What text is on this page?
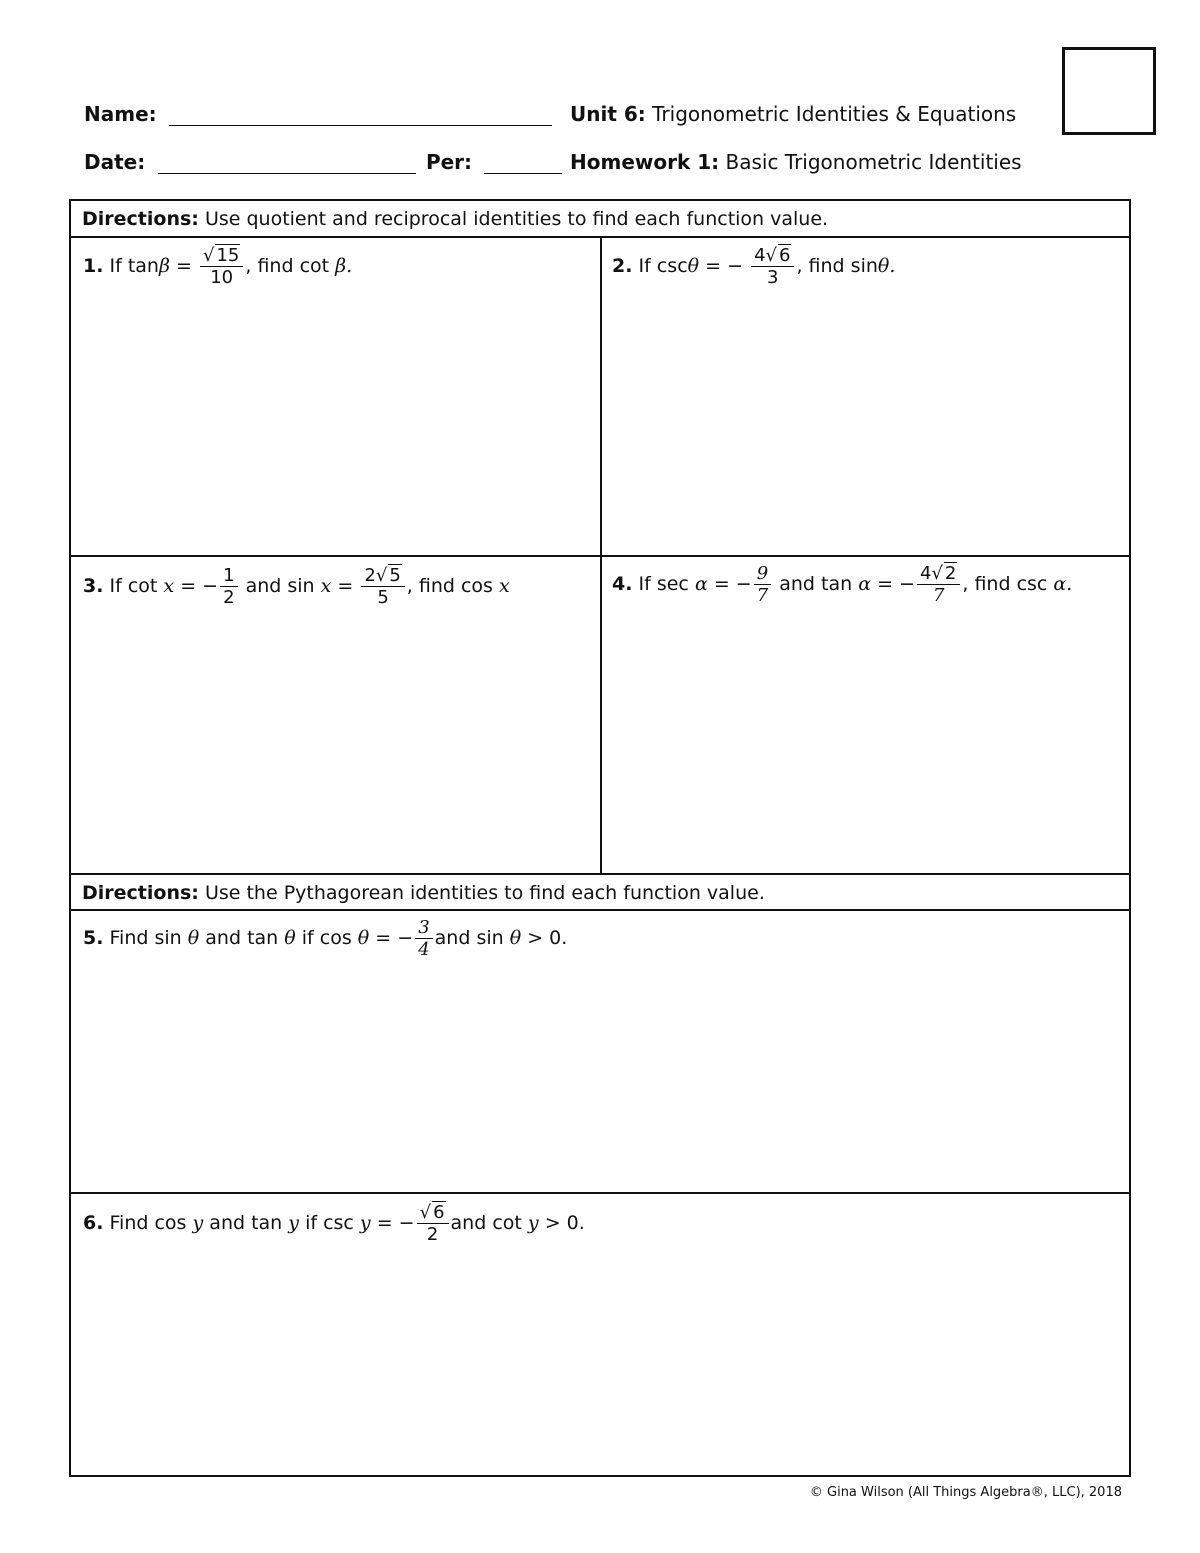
Name:
Date:	Per:
Unit 6: Trigonometric Identities & Equations
Homework 1: Basic Trigonometric Identities
Directions: Use quotient and reciprocal identities to find each function value.
1. If $\tan\beta = \frac{√ 15}{10}$ , find cot β.	2. If cscθ = − $\frac{4√ 6}{3}$ , find sinθ.
3. If cot x = − $\frac{1}{2}$ and $\sin x = \frac{2√ 5}{5}$ , find cos x	4. If sec α = − $\frac{9}{7}$ and tan α = − $\frac{4√ 2}{7}$ , find csc α.
Directions: Use the Pythagorean identities to find each function value.
5. Find sin θ and tan θ if cos θ = − $\frac{3}{4}$ and sin θ > 0.
6. Find cos y and tan y if csc y = − $\frac{√ 6}{2}$ and cot y > 0.
© Gina Wilson (All Things Algebra®, LLC), 2018
